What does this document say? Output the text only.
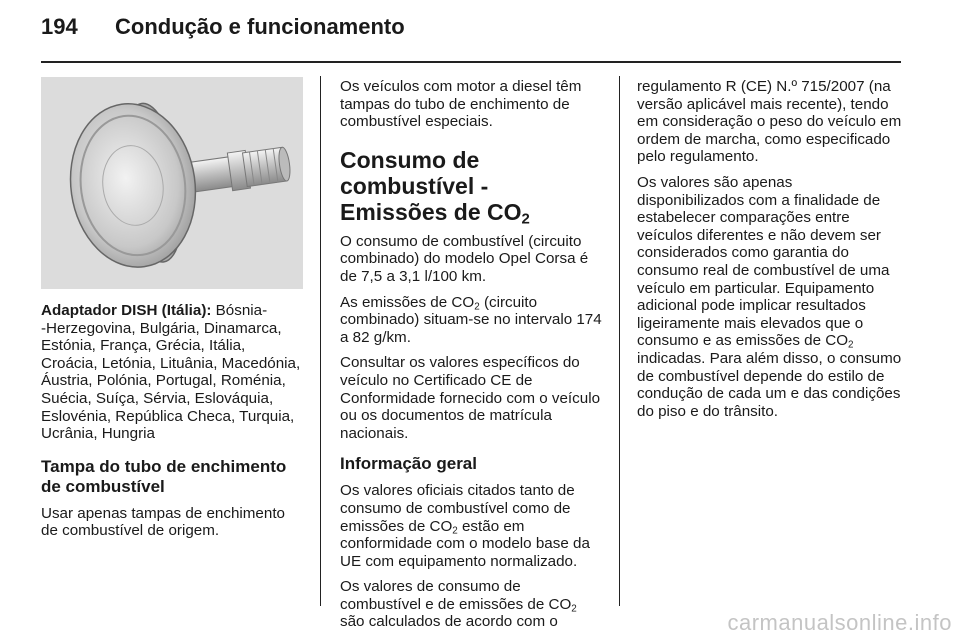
194 Condução e funcionamento

Adaptador DISH (Itália): Bósnia-
-Herzegovina, Bulgária, Dinamarca, Estónia, França, Grécia, Itália, Croácia, Letónia, Lituânia, Macedónia, Áustria, Polónia, Portugal, Roménia, Suécia, Suíça, Sérvia, Eslováquia, Eslovénia, República Checa, Turquia, Ucrânia, Hungria

Tampa do tubo de enchimento de combustível

Usar apenas tampas de enchimento de combustível de origem.

Os veículos com motor a diesel têm tampas do tubo de enchimento de combustível especiais.

Consumo de combustível - Emissões de $CO_2$

O consumo de combustível (circuito combinado) do modelo Opel Corsa é de 7,5 a 3,1 l/100 km.

As emissões de $CO_2$ (circuito combinado) situam-se no intervalo 174 a 82 g/km.

Consultar os valores específicos do veículo no Certificado CE de Conformidade fornecido com o veículo ou os documentos de matrícula nacionais.

Informação geral

Os valores oficiais citados tanto de consumo de combustível como de emissões de $CO_2$ estão em conformidade com o modelo base da UE com equipamento normalizado.

Os valores de consumo de combustível e de emissões de $CO_2$ são calculados de acordo com o

regulamento R (CE) N.º 715/2007 (na versão aplicável mais recente), tendo em consideração o peso do veículo em ordem de marcha, como especificado pelo regulamento.

Os valores são apenas disponibilizados com a finalidade de estabelecer comparações entre veículos diferentes e não devem ser considerados como garantia do consumo real de combustível de uma veículo em particular. Equipamento adicional pode implicar resultados ligeiramente mais elevados que o consumo e as emissões de $CO_2$ indicadas. Para além disso, o consumo de combustível depende do estilo de condução de cada um e das condições do piso e do trânsito.

carmanualsonline.info
